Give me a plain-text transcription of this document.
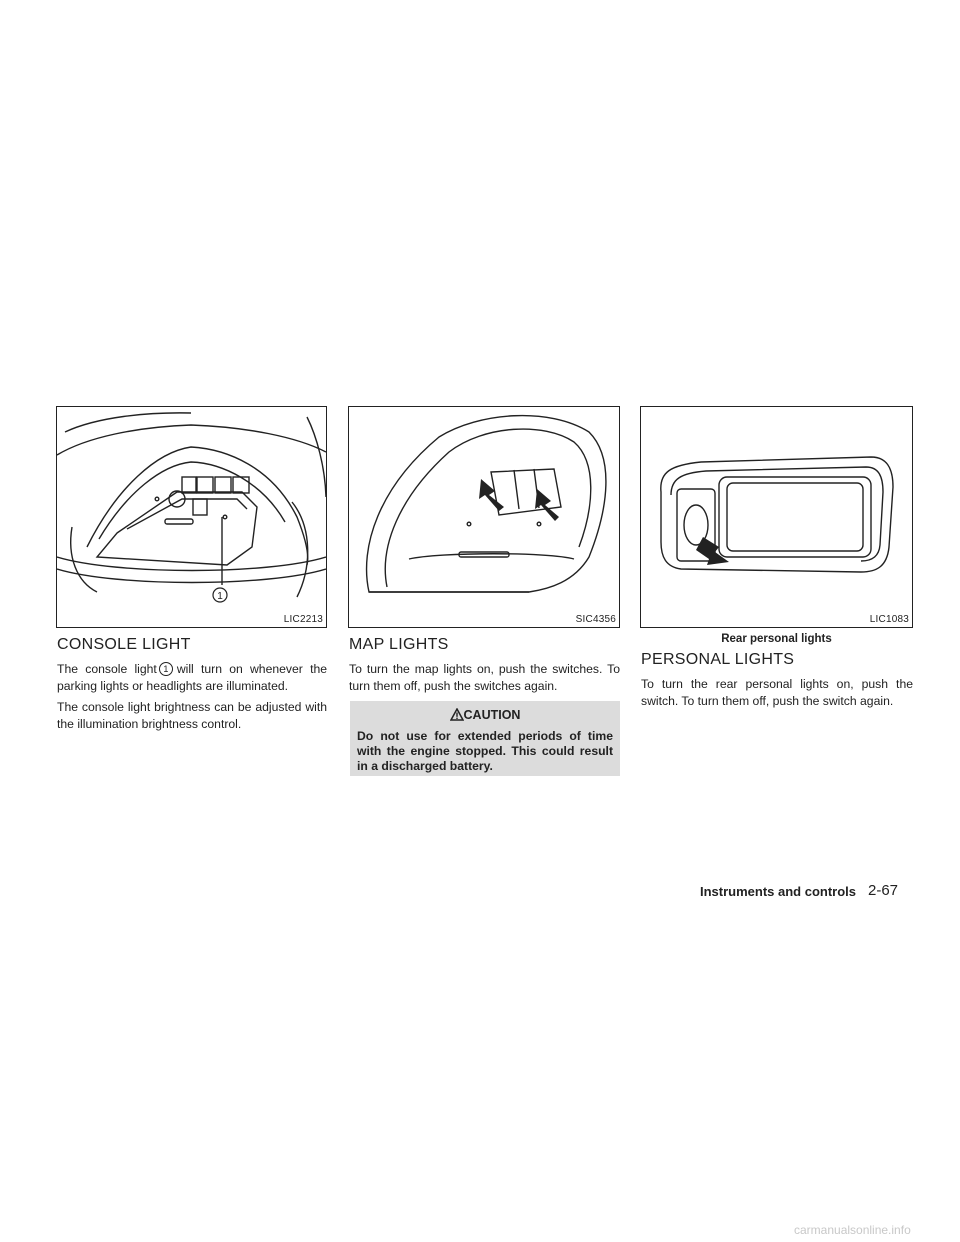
1
LIC2213	SIC4356	LIC1083
Rear personal lights
CONSOLE LIGHT

The console light 1 will turn on whenever the parking lights or headlights are illuminated.

The console light brightness can be adjusted with the illumination brightness control.

MAP LIGHTS

To turn the map lights on, push the switches. To turn them off, push the switches again.

CAUTION
Do not use for extended periods of time with the engine stopped. This could result in a discharged battery.
PERSONAL LIGHTS

To turn the rear personal lights on, push the switch. To turn them off, push the switch again.

Instruments and controls 2-67
carmanualsonline.info
